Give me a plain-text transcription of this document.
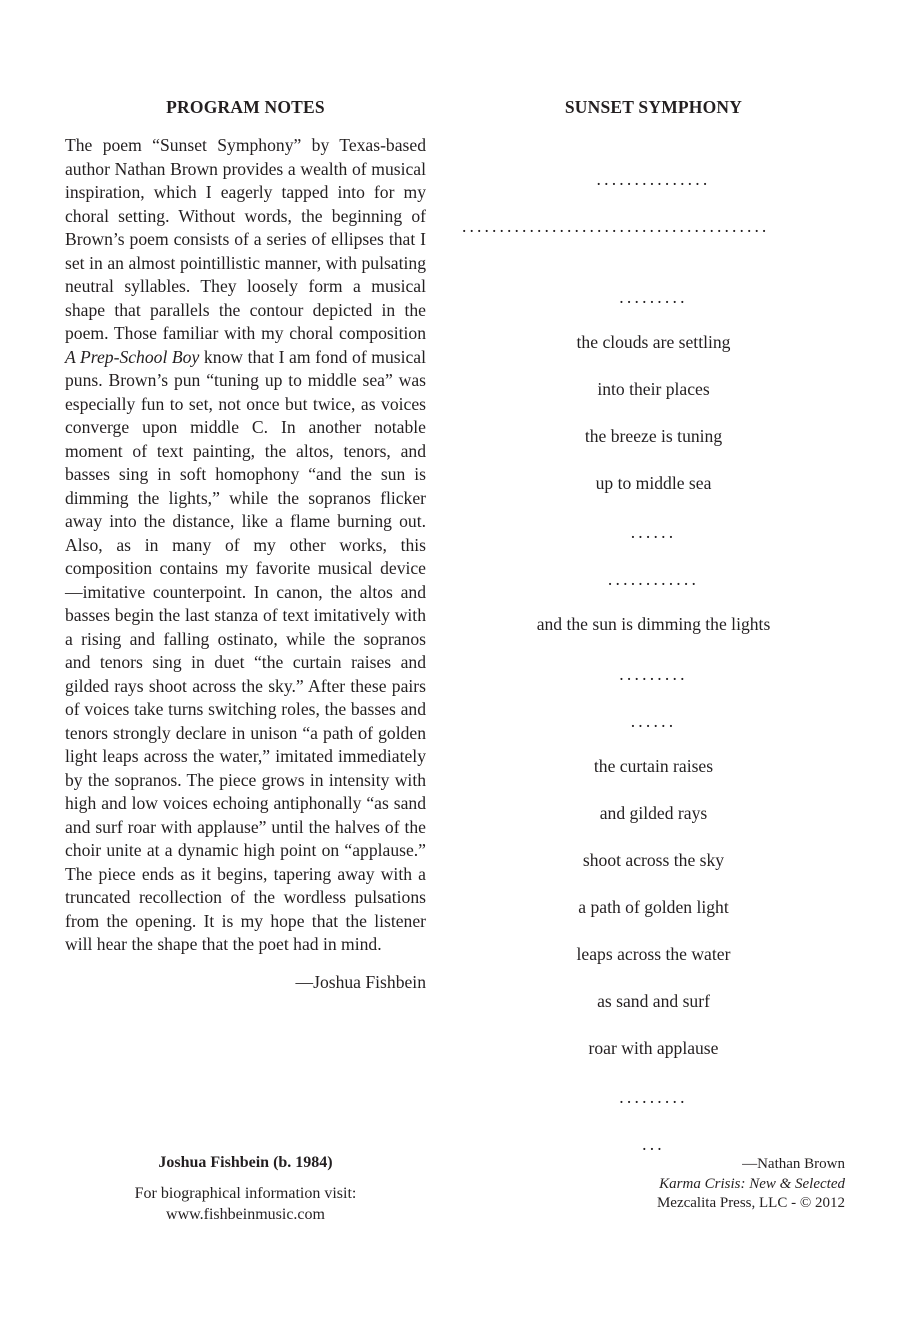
PROGRAM NOTES

The poem “Sunset Symphony” by Texas-based author Nathan Brown provides a wealth of musical inspiration, which I eagerly tapped into for my choral setting. Without words, the beginning of Brown’s poem consists of a series of ellipses that I set in an almost pointillistic manner, with pulsating neutral syllables. They loosely form a musical shape that parallels the contour depicted in the poem. Those familiar with my choral composition A Prep-School Boy know that I am fond of musical puns. Brown’s pun “tuning up to middle sea” was especially fun to set, not once but twice, as voices converge upon middle C. In another notable moment of text painting, the altos, tenors, and basses sing in soft homophony “and the sun is dimming the lights,” while the sopranos flicker away into the distance, like a flame burning out. Also, as in many of my other works, this composition contains my favorite musical device —imitative counterpoint. In canon, the altos and basses begin the last stanza of text imitatively with a rising and falling ostinato, while the sopranos and tenors sing in duet “the curtain raises and gilded rays shoot across the sky.” After these pairs of voices take turns switching roles, the basses and tenors strongly declare in unison “a path of golden light leaps across the water,” imitated immediately by the sopranos. The piece grows in intensity with high and low voices echoing antiphonally “as sand and surf roar with applause” until the halves of the choir unite at a dynamic high point on “applause.” The piece ends as it begins, tapering away with a truncated recollection of the wordless pulsations from the opening. It is my hope that the listener will hear the shape that the poet had in mind.

—Joshua Fishbein

Joshua Fishbein (b. 1984)

For biographical information visit:

www.fishbeinmusic.com

SUNSET SYMPHONY
...............
.........................................
.........
the clouds are settling
into their places
the breeze is tuning
up to middle sea
......
............
and the sun is dimming the lights
.........
......
the curtain raises
and gilded rays
shoot across the sky
a path of golden light
leaps across the water
as sand and surf
roar with applause
.........
...
—Nathan Brown
Karma Crisis: New & Selected
Mezcalita Press, LLC - © 2012
